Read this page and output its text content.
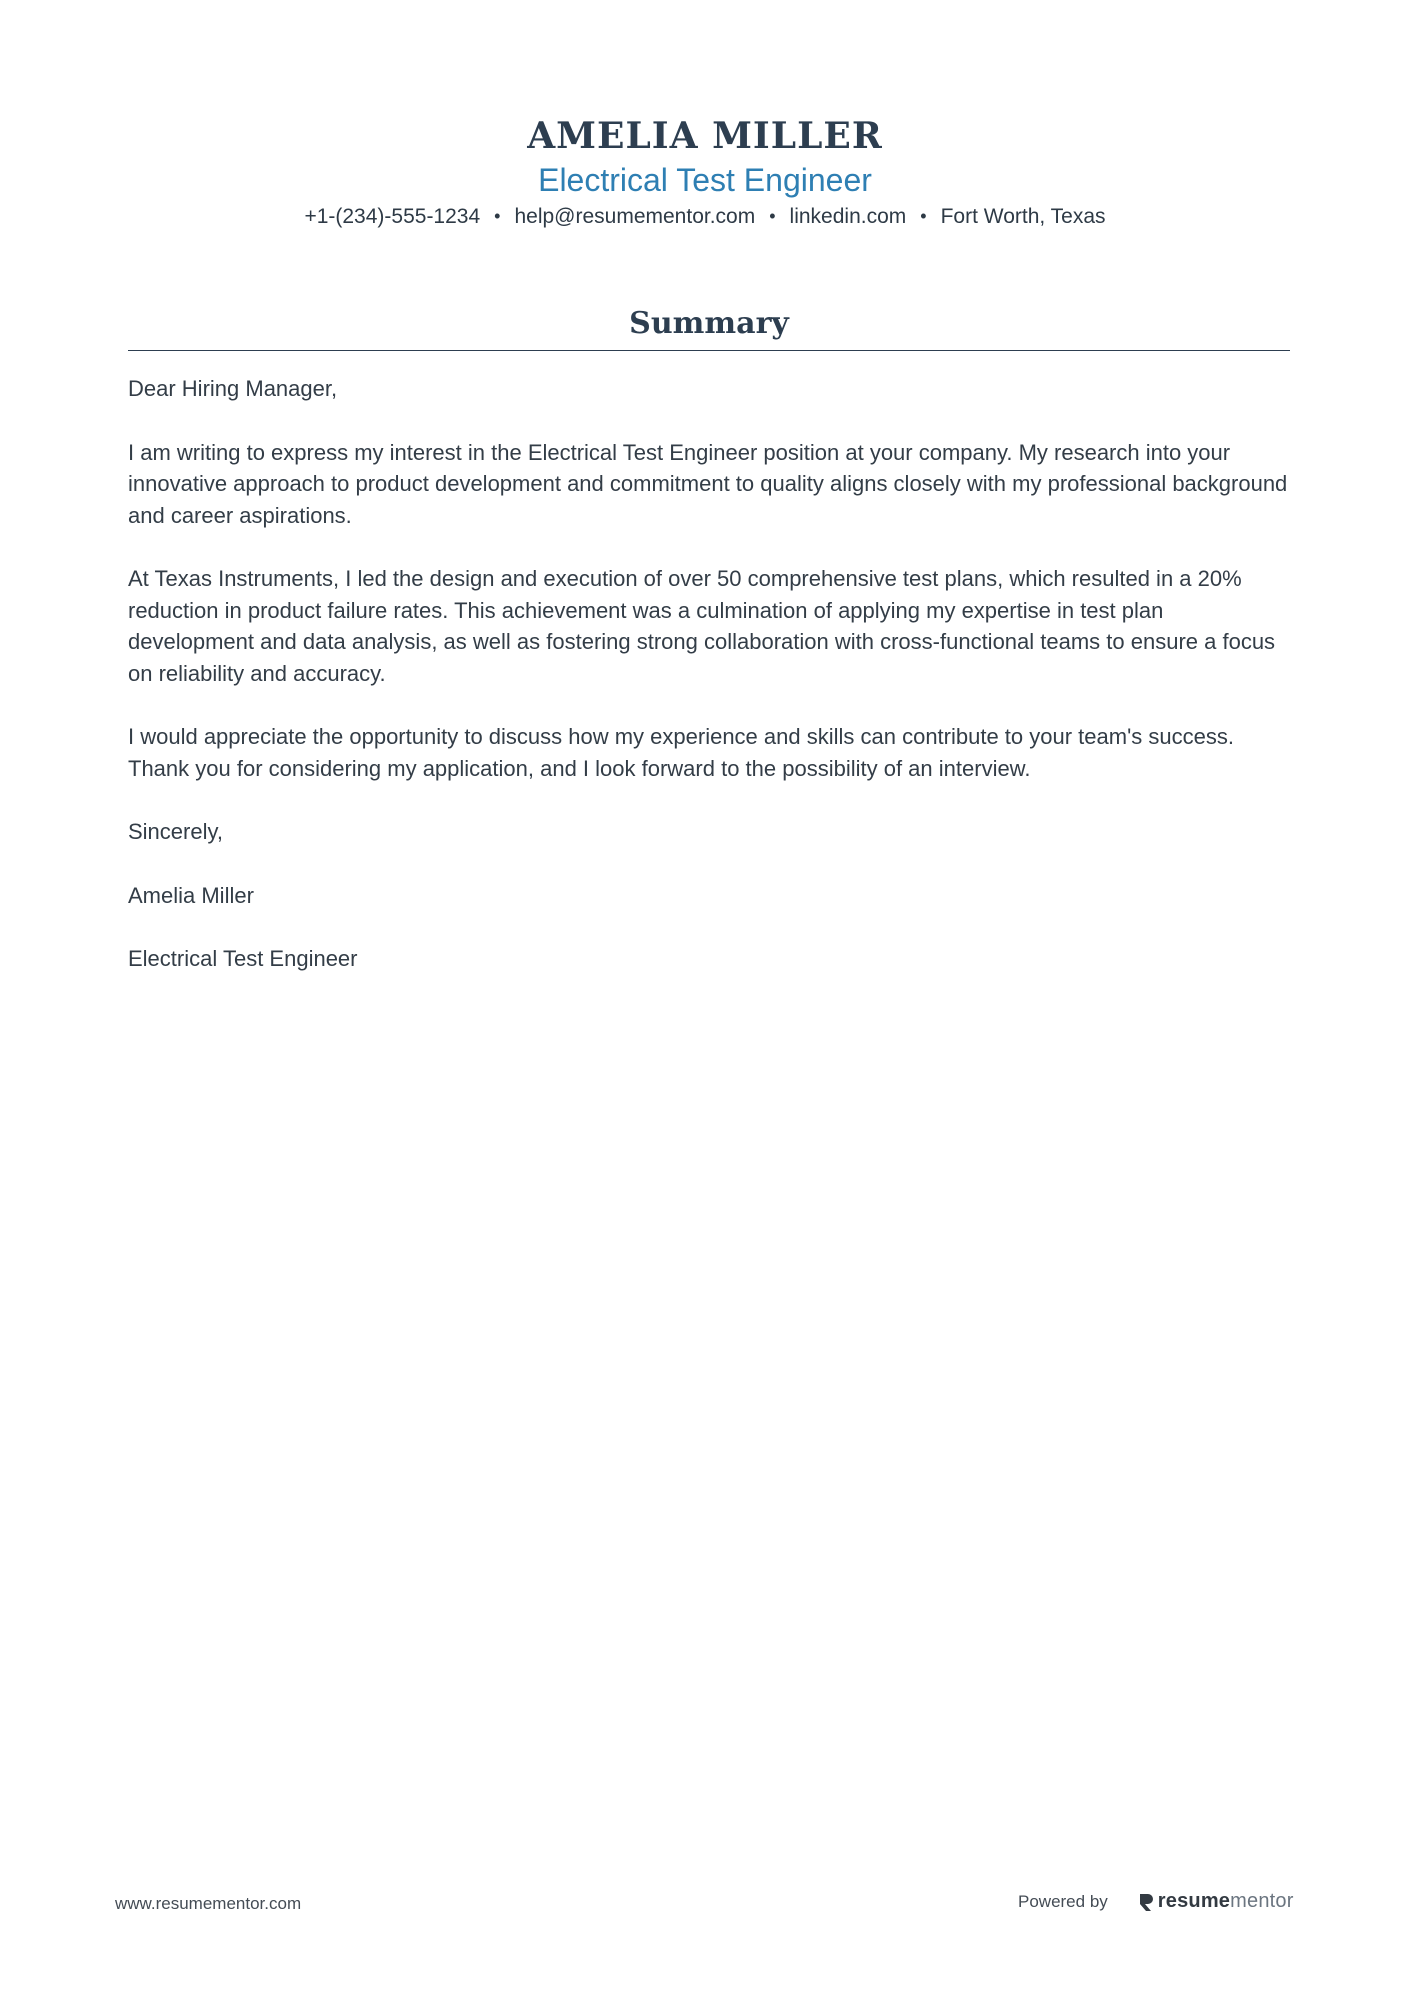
AMELIA MILLER
Electrical Test Engineer
+1-(234)-555-1234 • help@resumementor.com • linkedin.com • Fort Worth, Texas
Summary

Dear Hiring Manager,

I am writing to express my interest in the Electrical Test Engineer position at your company. My research into your innovative approach to product development and commitment to quality aligns closely with my professional background and career aspirations.

At Texas Instruments, I led the design and execution of over 50 comprehensive test plans, which resulted in a 20% reduction in product failure rates. This achievement was a culmination of applying my expertise in test plan development and data analysis, as well as fostering strong collaboration with cross-functional teams to ensure a focus on reliability and accuracy.

I would appreciate the opportunity to discuss how my experience and skills can contribute to your team's success. Thank you for considering my application, and I look forward to the possibility of an interview.

Sincerely,

Amelia Miller

Electrical Test Engineer

www.resumementor.com	Powered by	resume mentor
